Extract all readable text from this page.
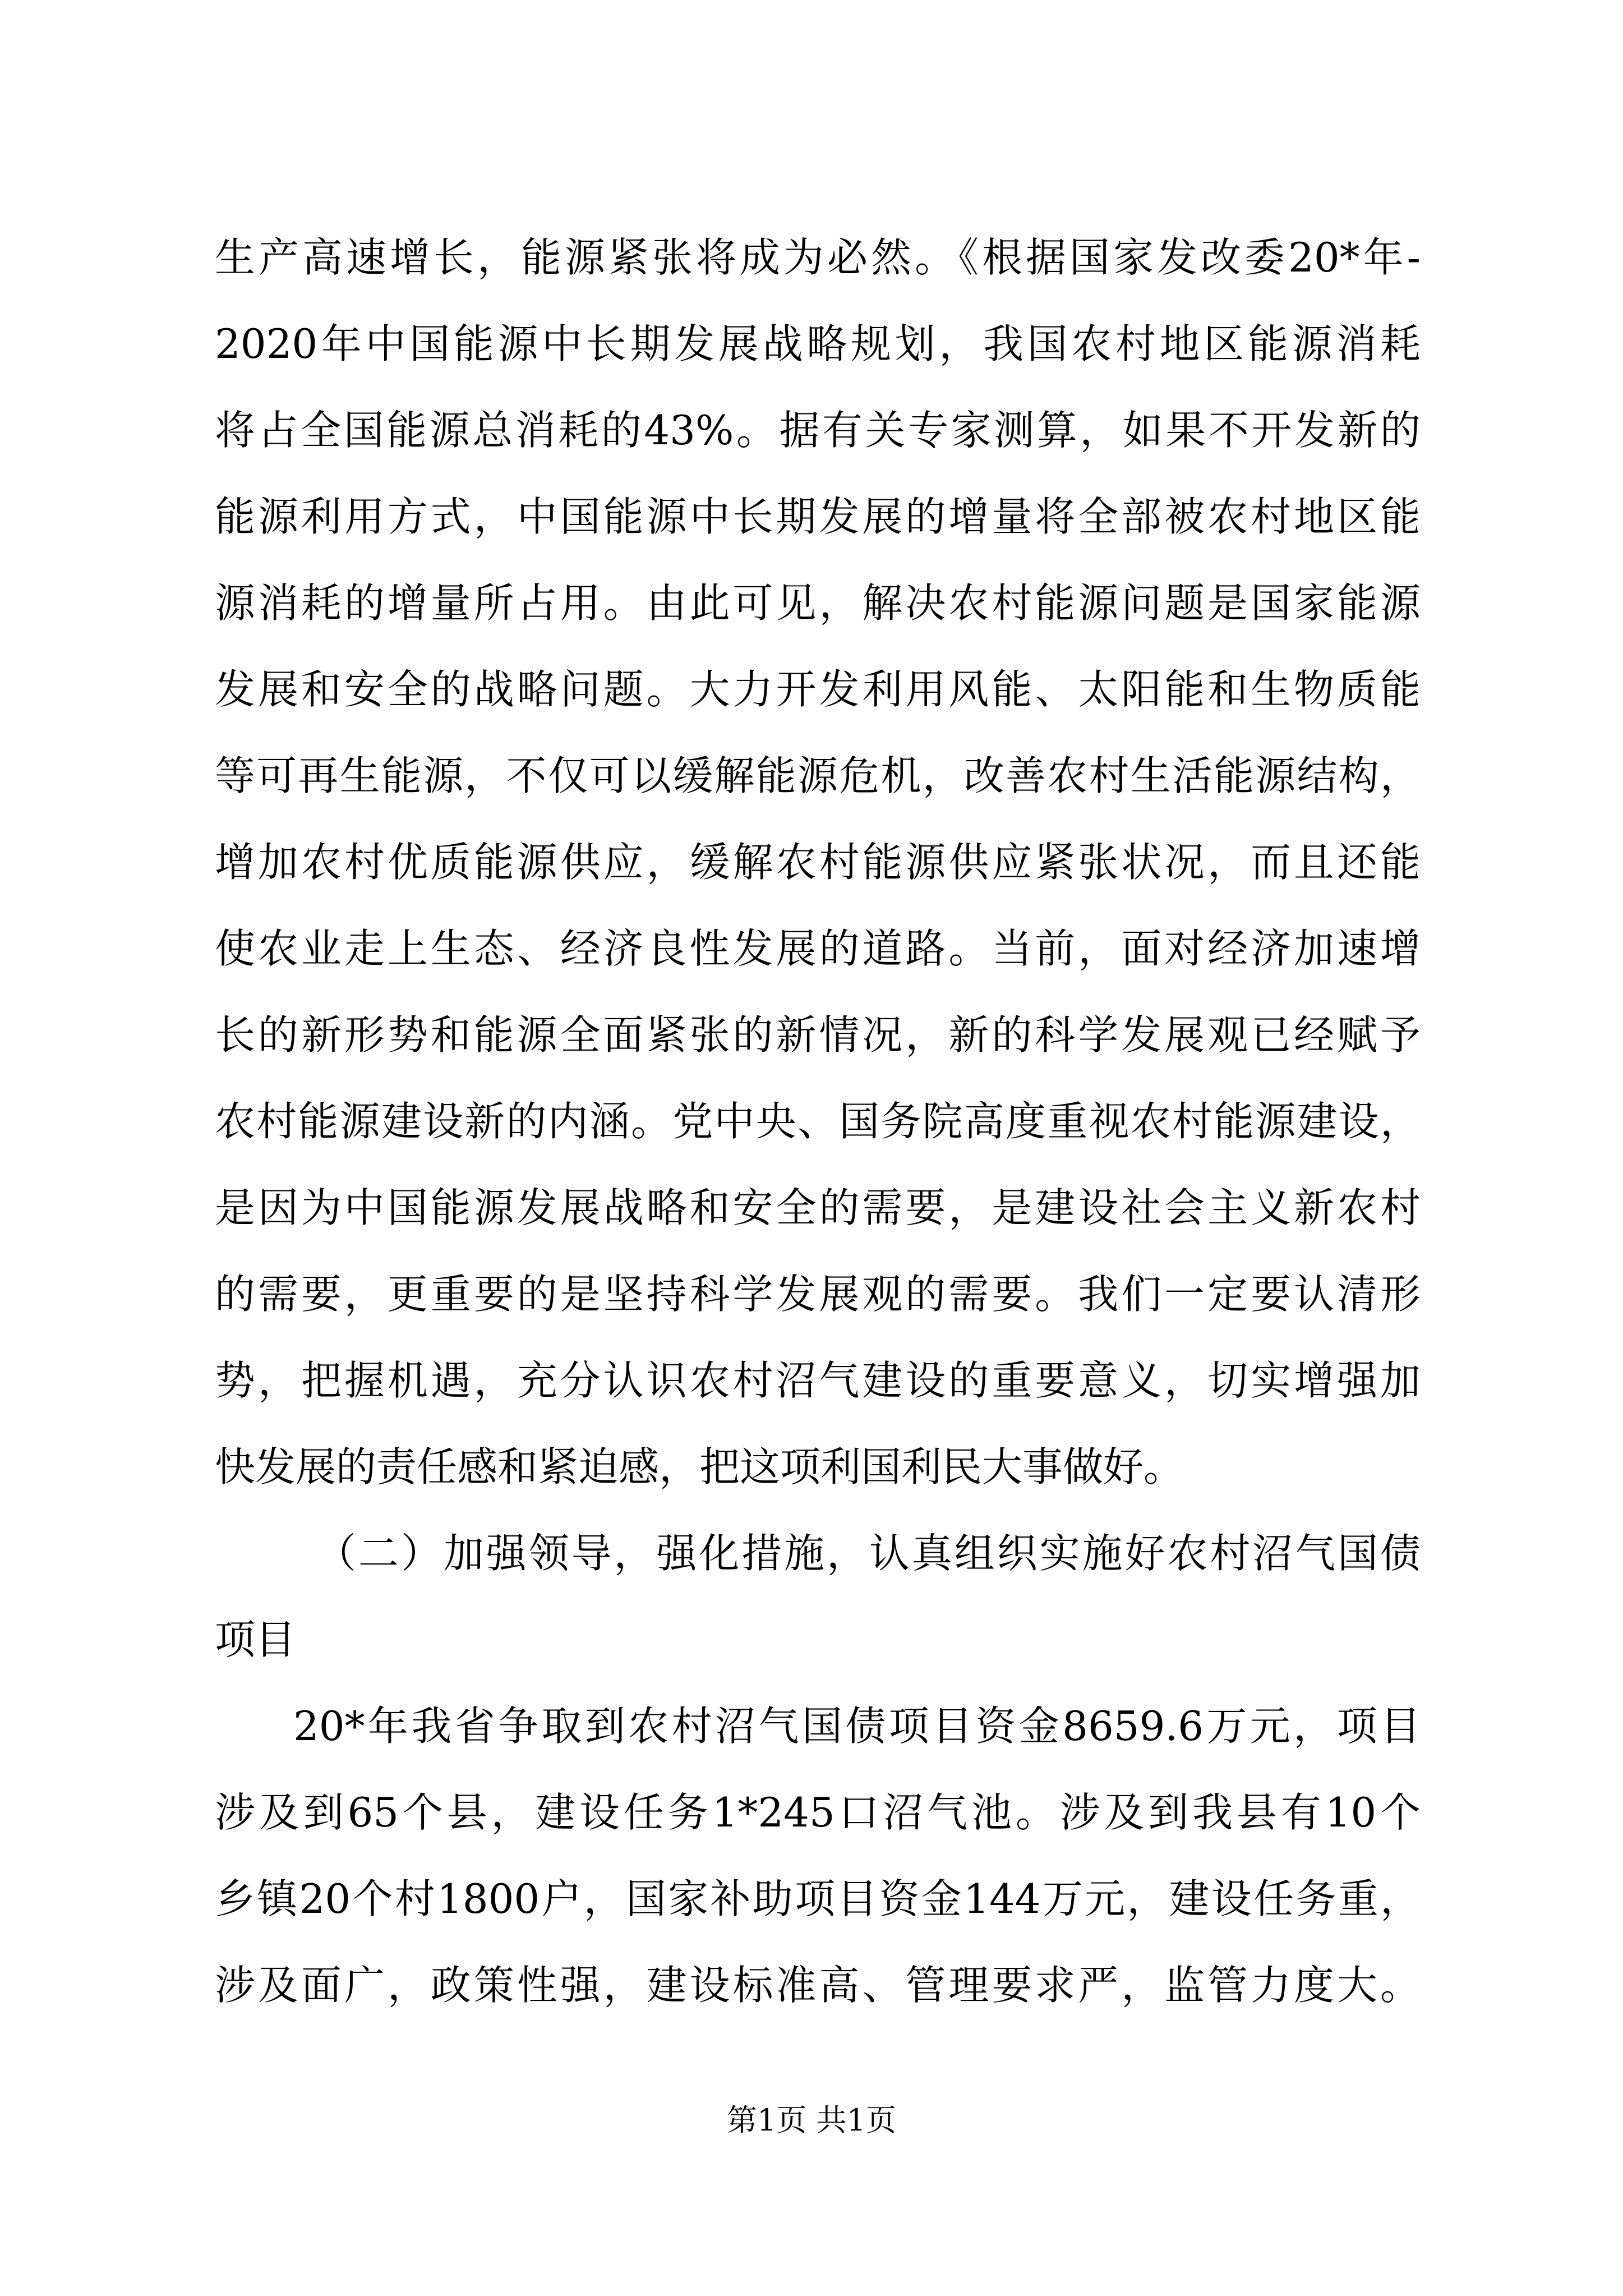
生产高速增长，能源紧张将成为必然。《根据国家发改委20*年-
2020年中国能源中长期发展战略规划，我国农村地区能源消耗
将占全国能源总消耗的43%。据有关专家测算，如果不开发新的
能源利用方式，中国能源中长期发展的增量将全部被农村地区能
源消耗的增量所占用。由此可见，解决农村能源问题是国家能源
发展和安全的战略问题。大力开发利用风能、太阳能和生物质能
等可再生能源，不仅可以缓解能源危机，改善农村生活能源结构，
增加农村优质能源供应，缓解农村能源供应紧张状况，而且还能
使农业走上生态、经济良性发展的道路。当前，面对经济加速增
长的新形势和能源全面紧张的新情况，新的科学发展观已经赋予
农村能源建设新的内涵。党中央、国务院高度重视农村能源建设，
是因为中国能源发展战略和安全的需要，是建设社会主义新农村
的需要，更重要的是坚持科学发展观的需要。我们一定要认清形
势，把握机遇，充分认识农村沼气建设的重要意义，切实增强加
快发展的责任感和紧迫感，把这项利国利民大事做好。
（二）加强领导，强化措施，认真组织实施好农村沼气国债
项目
20*年我省争取到农村沼气国债项目资金8659.6万元，项目
涉及到65个县，建设任务1*245口沼气池。涉及到我县有10个
乡镇20个村1800户，国家补助项目资金144万元，建设任务重，
涉及面广，政策性强，建设标准高、管理要求严，监管力度大。
第1页 共1页
